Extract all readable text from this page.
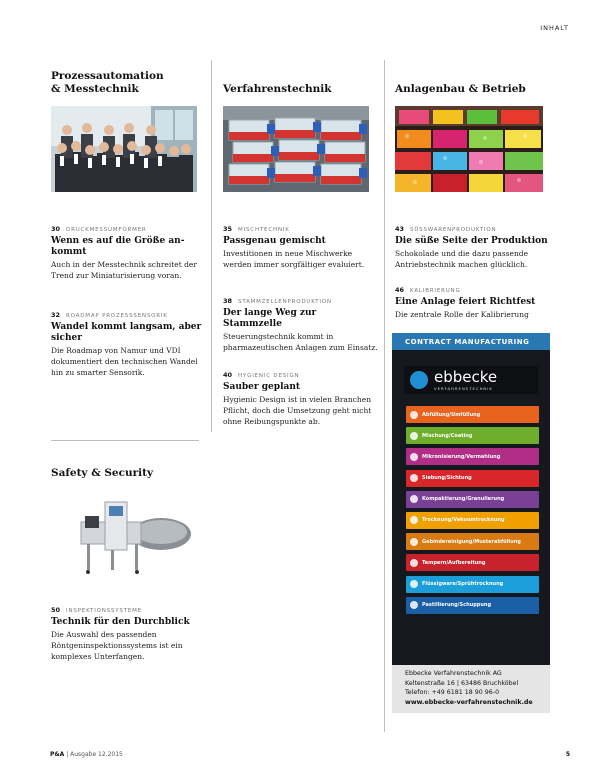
INHALT
Prozessautomation
& Messtechnik
30 DRUCKMESSUMFORMER
Wenn es auf die Größe an-kommt
Auch in der Messtechnik schreitet der Trend zur Miniaturisierung voran.
32 ROADMAP PROZESSSENSORIK
Wandel kommt langsam, aber sicher
Die Roadmap von Namur und VDI dokumentiert den technischen Wandel hin zu smarter Sensorik.
Safety & Security
50 INSPEKTIONSSYSTEME
Technik für den Durchblick
Die Auswahl des passenden Röntgeninspektionssystems ist ein komplexes Unterfangen.
Verfahrenstechnik
35 MISCHTECHNIK
Passgenau gemischt
Investitionen in neue Mischwerke werden immer sorgfältiger evaluiert.
38 STAMMZELLENPRODUKTION
Der lange Weg zur Stammzelle
Steuerungstechnik kommt in pharmazeutischen Anlagen zum Einsatz.
40 HYGIENIC DESIGN
Sauber geplant
Hygienic Design ist in vielen Branchen Pflicht, doch die Umsetzung geht nicht ohne Reibungspunkte ab.
Anlagenbau & Betrieb
43 SÜSSWARENPRODUKTION
Die süße Seite der Produktion
Schokolade und die dazu passende Antriebstechnik machen glücklich.
46 KALIBRIERUNG
Eine Anlage feiert Richtfest
Die zentrale Rolle der Kalibrierung
CONTRACT MANUFACTURING
ebbecke
VERFAHRENSTECHNIK
Abfüllung/Umfüllung
Mischung/Coating
Mikronisierung/Vermahlung
Siebung/Sichtung
Kompaktierung/Granulierung
Trocknung/Vakuumtrocknung
Gebindereinigung/Musterabfüllung
Tempern/Aufbereitung
Flüssigware/Sprühtrocknung
Pastillierung/Schuppung
Ebbecke Verfahrenstechnik AG
Keltenstraße 16 | 63486 Bruchköbel
Telefon: +49 6181 18 90 96-0
www.ebbecke-verfahrenstechnik.de
P&A | Ausgabe 12.2015	5
